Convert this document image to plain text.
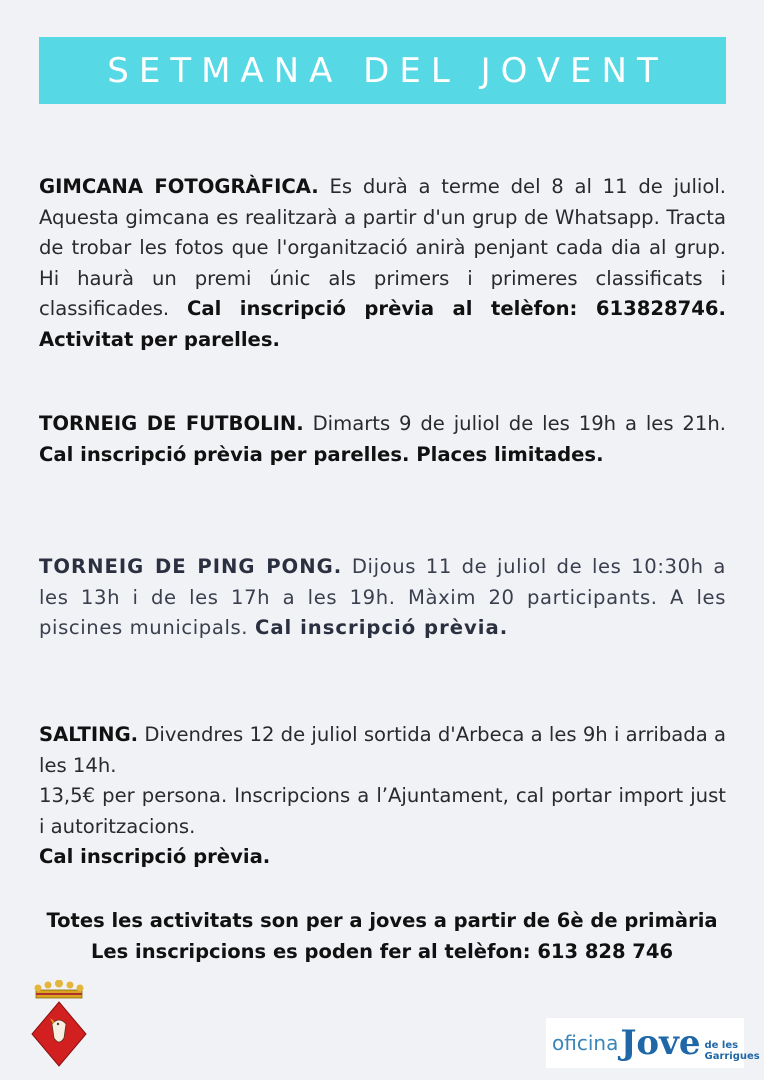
SETMANA DEL JOVENT
GIMCANA FOTOGRÀFICA. Es durà a terme del 8 al 11 de juliol. Aquesta gimcana es realitzarà a partir d'un grup de Whatsapp. Tracta de trobar les fotos que l'organització anirà penjant cada dia al grup. Hi haurà un premi únic als primers i primeres classificats i classificades. Cal inscripció prèvia al telèfon: 613828746. Activitat per parelles.
TORNEIG DE FUTBOLIN. Dimarts 9 de juliol de les 19h a les 21h. Cal inscripció prèvia per parelles. Places limitades.
TORNEIG DE PING PONG. Dijous 11 de juliol de les 10:30h a les 13h i de les 17h a les 19h. Màxim 20 participants. A les piscines municipals. Cal inscripció prèvia.
SALTING. Divendres 12 de juliol sortida d'Arbeca a les 9h i arribada a les 14h.
13,5€ per persona. Inscripcions a l’Ajuntament, cal portar import just i autoritzacions.
Cal inscripció prèvia.
Totes les activitats son per a joves a partir de 6è de primària
Les inscripcions es poden fer al telèfon: 613 828 746
oficina Jove de les Garrigues
